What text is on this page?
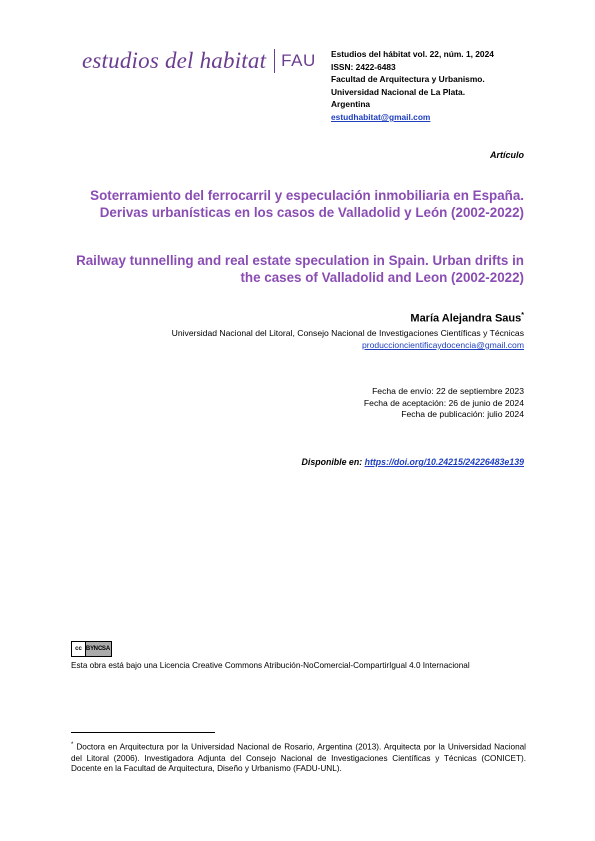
estudios del habitat FAU Estudios del hábitat vol. 22, núm. 1, 2024
ISSN: 2422-6483
Facultad de Arquitectura y Urbanismo.
Universidad Nacional de La Plata.
Argentina
estudhabitat@gmail.com
Artículo
Soterramiento del ferrocarril y especulación inmobiliaria en España. Derivas urbanísticas en los casos de Valladolid y León (2002-2022)
Railway tunnelling and real estate speculation in Spain. Urban drifts in the cases of Valladolid and Leon (2002-2022)
María Alejandra Saus*
Universidad Nacional del Litoral, Consejo Nacional de Investigaciones Científicas y Técnicas
produccioncientificaydocencia@gmail.com
Fecha de envío: 22 de septiembre 2023
Fecha de aceptación: 26 de junio de 2024
Fecha de publicación: julio 2024
Disponible en: https://doi.org/10.24215/24226483e139
cc BY NC SA
Esta obra está bajo una Licencia Creative Commons Atribución-NoComercial-CompartirIgual 4.0 Internacional
* Doctora en Arquitectura por la Universidad Nacional de Rosario, Argentina (2013). Arquitecta por la Universidad Nacional del Litoral (2006). Investigadora Adjunta del Consejo Nacional de Investigaciones Científicas y Técnicas (CONICET). Docente en la Facultad de Arquitectura, Diseño y Urbanismo (FADU-UNL).
